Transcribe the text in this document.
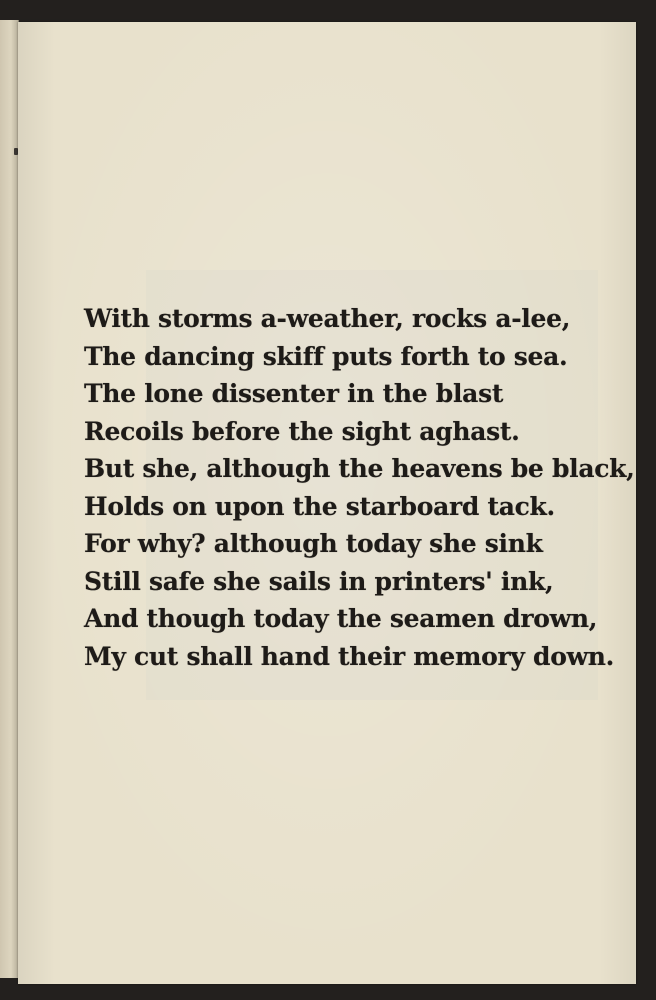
With storms a-weather, rocks a-lee,
The dancing skiff puts forth to sea.
The lone dissenter in the blast
Recoils before the sight aghast.
But she, although the heavens be black,
Holds on upon the starboard tack.
For why? although today she sink
Still safe she sails in printers' ink,
And though today the seamen drown,
My cut shall hand their memory down.
